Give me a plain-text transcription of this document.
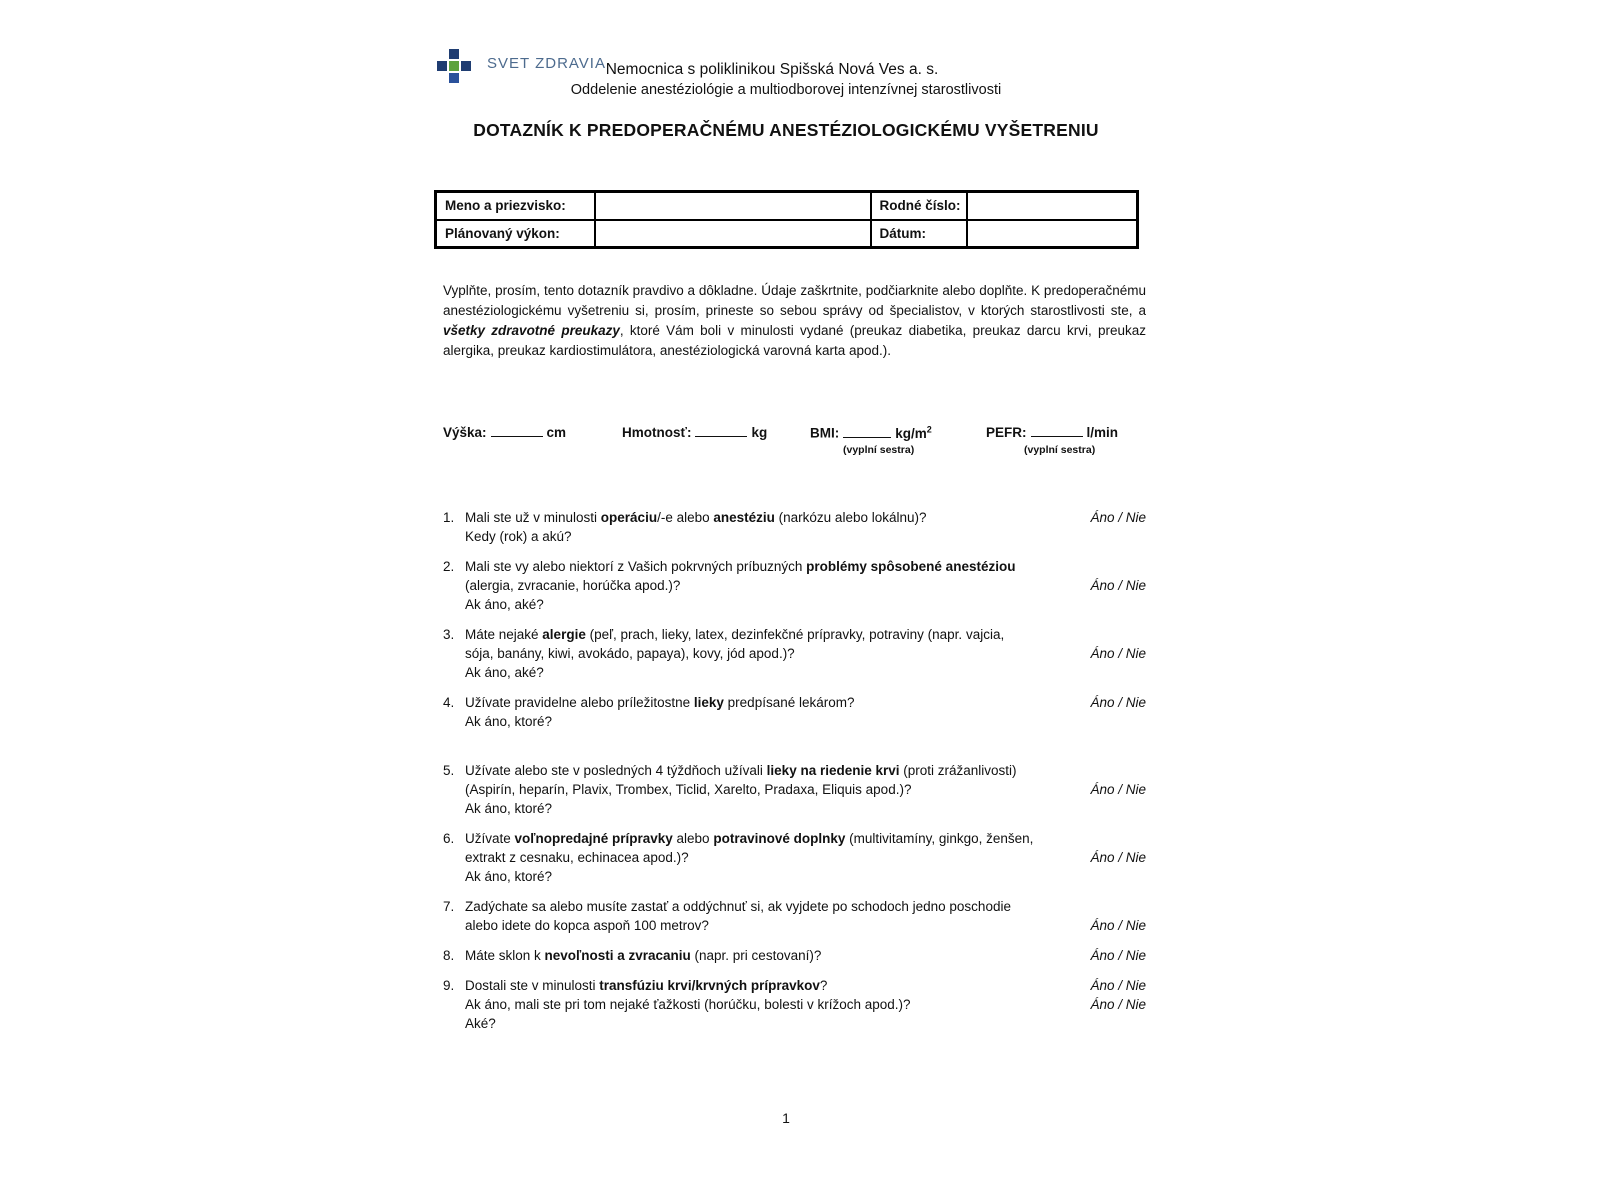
SVET ZDRAVIA Nemocnica s poliklinikou Spišská Nová Ves a. s.
Oddelenie anestéziológie a multiodborovej intenzívnej starostlivosti
DOTAZNÍK K PREDOPERAČNÉMU ANESTÉZIOLOGICKÉMU VYŠETRENIU
Meno a priezvisko:		Rodné číslo:	
Plánovaný výkon:		Dátum:	

Vyplňte, prosím, tento dotazník pravdivo a dôkladne. Údaje zaškrtnite, podčiarknite alebo doplňte. K predoperačnému anestéziologickému vyšetreniu si, prosím, prineste so sebou správy od špecialistov, v ktorých starostlivosti ste, a všetky zdravotné preukazy, ktoré Vám boli v minulosti vydané (preukaz diabetika, preukaz darcu krvi, preukaz alergika, preukaz kardiostimulátora, anestéziologická varovná karta apod.).

Výška:	cm	Hmotnosť:	kg	BMI:	$kg/m^2$	PEFR:	l/min
(vyplní sestra)	(vyplní sestra)
1. Mali ste už v minulosti operáciu/-e alebo anestéziu (narkózu alebo lokálnu)?	Áno / Nie
Kedy (rok) a akú?
2. Mali ste vy alebo niektorí z Vašich pokrvných príbuzných problémy spôsobené anestéziou
(alergia, zvracanie, horúčka apod.)?	Áno / Nie
Ak áno, aké?
3. Máte nejaké alergie (peľ, prach, lieky, latex, dezinfekčné prípravky, potraviny (napr. vajcia,
sója, banány, kiwi, avokádo, papaya), kovy, jód apod.)?	Áno / Nie
Ak áno, aké?
4. Užívate pravidelne alebo príležitostne lieky predpísané lekárom?	Áno / Nie
Ak áno, ktoré?
5. Užívate alebo ste v posledných 4 týždňoch užívali lieky na riedenie krvi (proti zrážanlivosti)
(Aspirín, heparín, Plavix, Trombex, Ticlid, Xarelto, Pradaxa, Eliquis apod.)?	Áno / Nie
Ak áno, ktoré?
6. Užívate voľnopredajné prípravky alebo potravinové doplnky (multivitamíny, ginkgo, ženšen,
extrakt z cesnaku, echinacea apod.)?	Áno / Nie
Ak áno, ktoré?
7. Zadýchate sa alebo musíte zastať a oddýchnuť si, ak vyjdete po schodoch jedno poschodie
alebo idete do kopca aspoň 100 metrov?	Áno / Nie
8. Máte sklon k nevoľnosti a zvracaniu (napr. pri cestovaní)?	Áno / Nie
9. Dostali ste v minulosti transfúziu krvi/krvných prípravkov?	Áno / Nie
Ak áno, mali ste pri tom nejaké ťažkosti (horúčku, bolesti v krížoch apod.)?	Áno / Nie
Aké?
1
